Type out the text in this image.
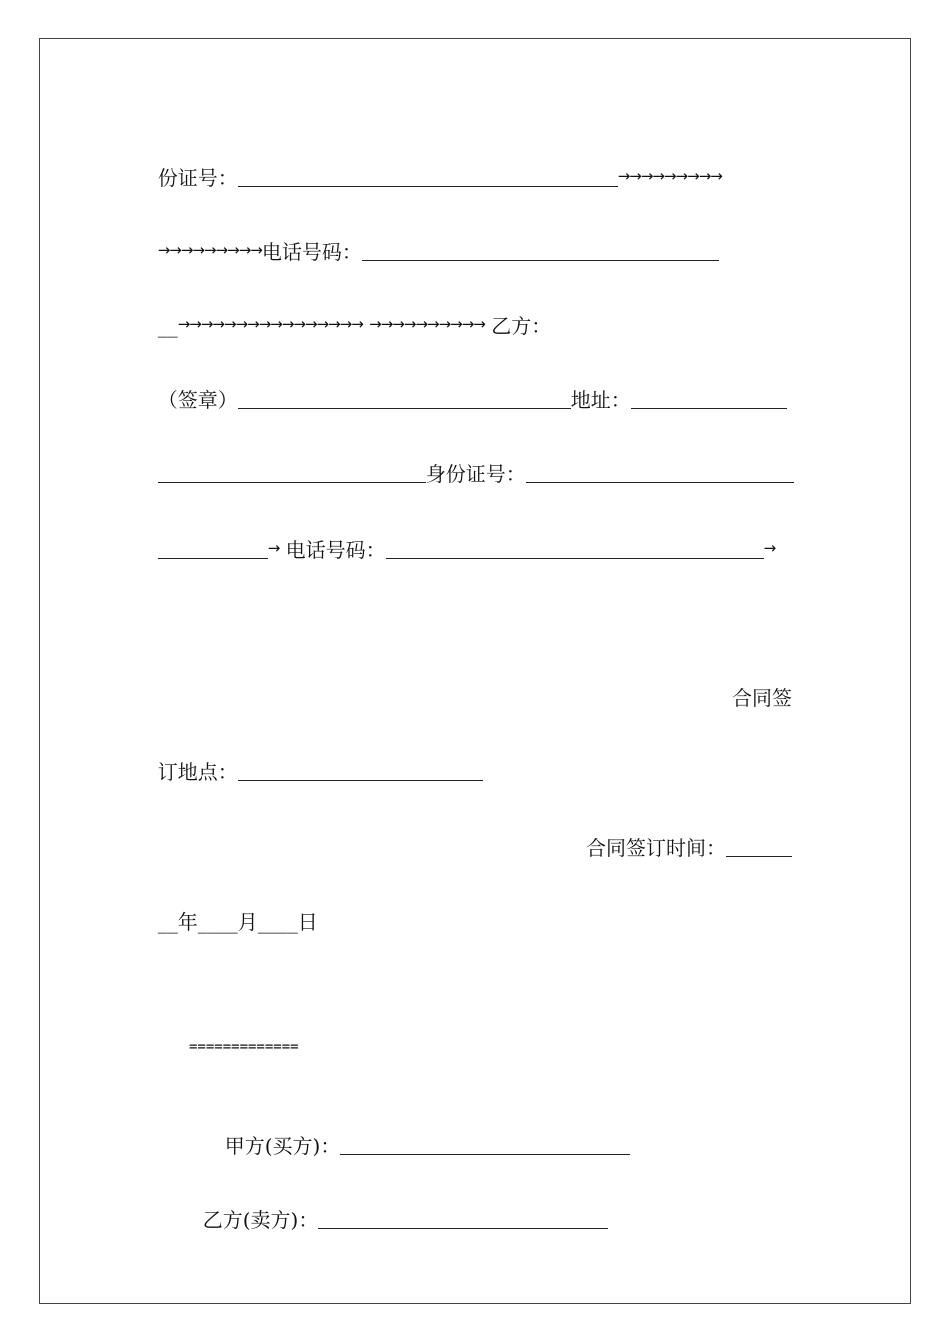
份证号：	→→→→→→→→→

→→→→→→→→→电话号码：

__→→→→→→→→→→→→→→→→ →→→→→→→→→→ 乙方：

（签章）	地址：

身份证号：

→ 电话号码：	→

合同签

订地点：

合同签订时间：

__年____月____日

=============

甲方(买方)：

乙方(卖方)：
